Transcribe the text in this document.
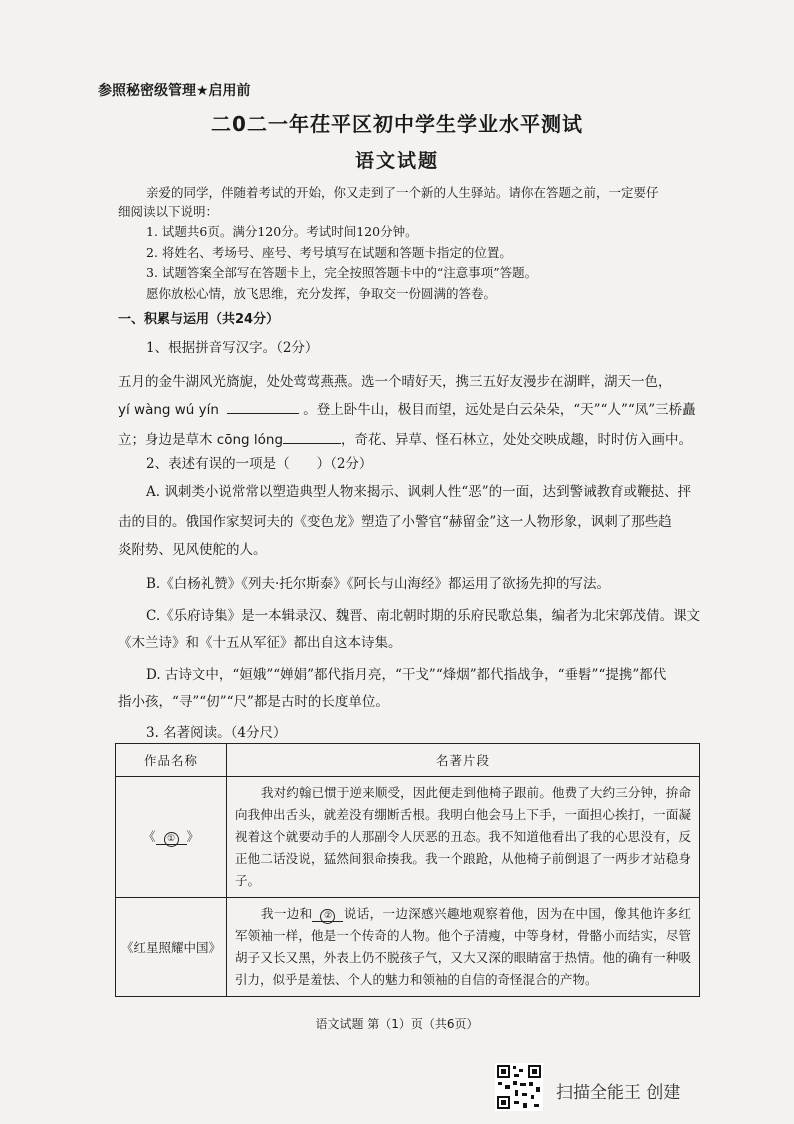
参照秘密级管理★启用前
二0二一年茌平区初中学生学业水平测试
语文试题
亲爱的同学，伴随着考试的开始，你又走到了一个新的人生驿站。请你在答题之前，一定要仔
细阅读以下说明：
1. 试题共6页。满分120分。考试时间120分钟。
2. 将姓名、考场号、座号、考号填写在试题和答题卡指定的位置。
3. 试题答案全部写在答题卡上，完全按照答题卡中的“注意事项”答题。
愿你放松心情，放飞思维，充分发挥，争取交一份圆满的答卷。
一、积累与运用（共24分）
1、根据拼音写汉字。（2分）
五月的金牛湖风光旖旎，处处莺莺燕燕。选一个晴好天，携三五好友漫步在湖畔，湖天一色，
yí wàng wú yín	。登上卧牛山，极目而望，远处是白云朵朵，“天”“人”“凤”三桥矗
立；身边是草木 cōng lóng	，奇花、异草、怪石林立，处处交映成趣，时时仿入画中。
2、表述有误的一项是（　　）（2分）
A. 讽刺类小说常常以塑造典型人物来揭示、讽刺人性“恶”的一面，达到警诫教育或鞭挞、抨
击的目的。俄国作家契诃夫的《变色龙》塑造了小警官“赫留金”这一人物形象，讽刺了那些趋
炎附势、见风使舵的人。
B.《白杨礼赞》《列夫·托尔斯泰》《阿长与山海经》都运用了欲扬先抑的写法。
C.《乐府诗集》是一本辑录汉、魏晋、南北朝时期的乐府民歌总集，编者为北宋郭茂倩。课文
《木兰诗》和《十五从军征》都出自这本诗集。
D. 古诗文中，“姮娥”“婵娟”都代指月亮，“干戈”“烽烟”都代指战争，“垂髫”“提携”都代
指小孩，“寻”“仞”“尺”都是古时的长度单位。
3. 名著阅读。（4分尺）
作品名称	名著片段
《 ① 》	我对约翰已惯于逆来顺受，因此便走到他椅子跟前。他费了大约三分钟，拚命向我伸出舌头，就差没有绷断舌根。我明白他会马上下手，一面担心挨打，一面凝视着这个就要动手的人那副令人厌恶的丑态。我不知道他看出了我的心思没有，反正他二话没说，猛然间狠命揍我。我一个踉跄，从他椅子前倒退了一两步才站稳身子。
《红星照耀中国》	我一边和 ② 说话，一边深感兴趣地观察着他，因为在中国，像其他许多红军领袖一样，他是一个传奇的人物。他个子清瘦，中等身材，骨骼小而结实，尽管胡子又长又黑，外表上仍不脱孩子气，又大又深的眼睛富于热情。他的确有一种吸引力，似乎是羞怯、个人的魅力和领袖的自信的奇怪混合的产物。
语文试题 第（1）页（共6页）
扫描全能王 创建
